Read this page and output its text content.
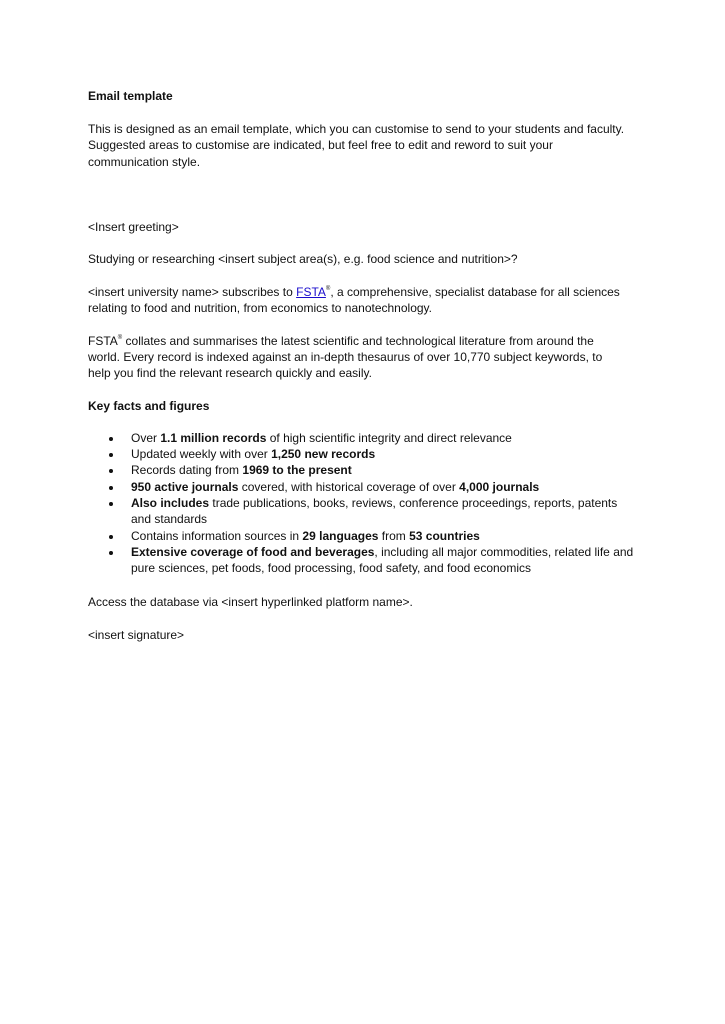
Email template
This is designed as an email template, which you can customise to send to your students and faculty.
Suggested areas to customise are indicated, but feel free to edit and reword to suit your
communication style.
<Insert greeting>
Studying or researching <insert subject area(s), e.g. food science and nutrition>?
<insert university name> subscribes to FSTA®, a comprehensive, specialist database for all sciences
relating to food and nutrition, from economics to nanotechnology.
FSTA® collates and summarises the latest scientific and technological literature from around the
world. Every record is indexed against an in-depth thesaurus of over 10,770 subject keywords, to
help you find the relevant research quickly and easily.
Key facts and figures
Over 1.1 million records of high scientific integrity and direct relevance
Updated weekly with over 1,250 new records
Records dating from 1969 to the present
950 active journals covered, with historical coverage of over 4,000 journals
Also includes trade publications, books, reviews, conference proceedings, reports, patents
and standards
Contains information sources in 29 languages from 53 countries
Extensive coverage of food and beverages, including all major commodities, related life and
pure sciences, pet foods, food processing, food safety, and food economics
Access the database via <insert hyperlinked platform name>.
<insert signature>
